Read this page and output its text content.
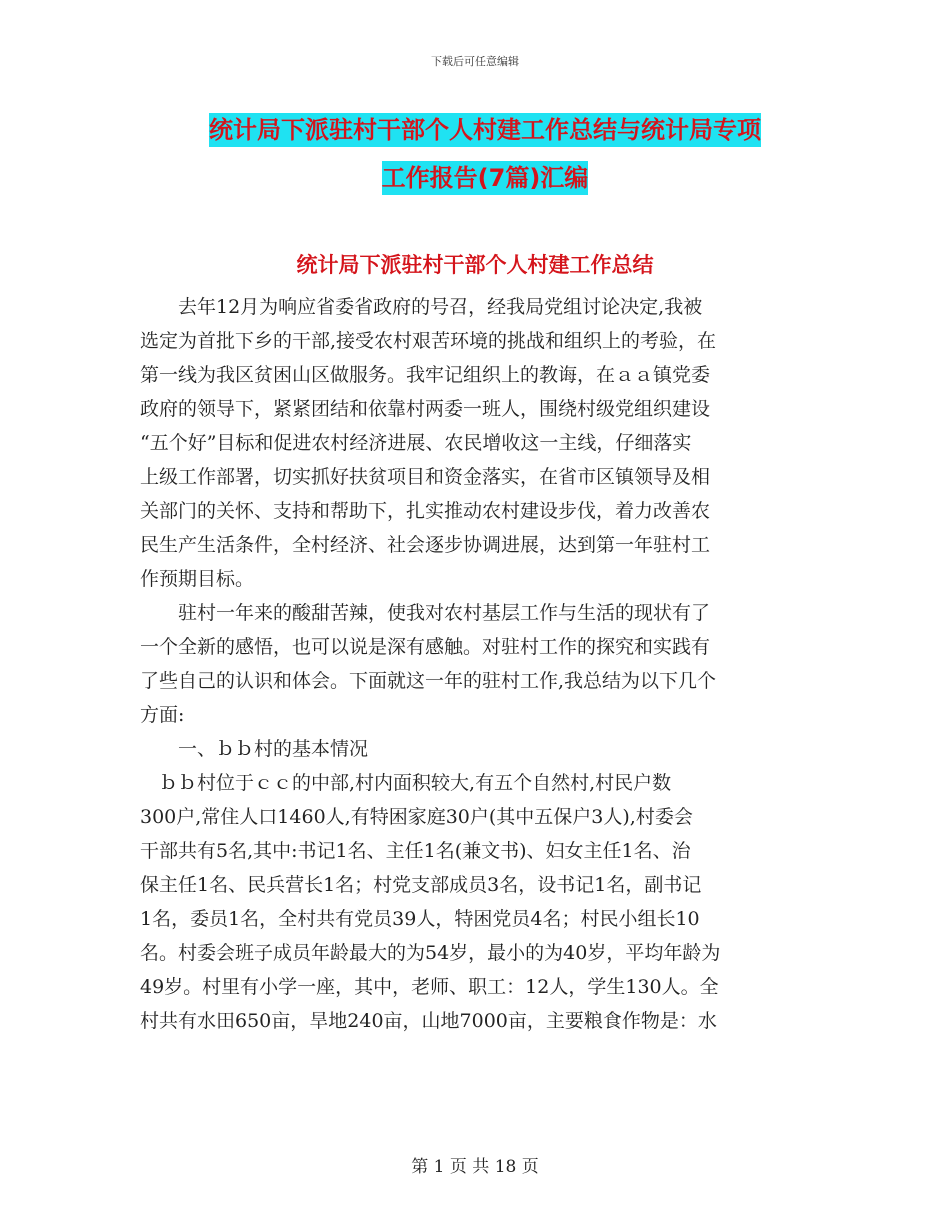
下载后可任意编辑
统计局下派驻村干部个人村建工作总结与统计局专项
工作报告(7篇)汇编
统计局下派驻村干部个人村建工作总结
　　去年12月为响应省委省政府的号召，经我局党组讨论决定,我被
选定为首批下乡的干部,接受农村艰苦环境的挑战和组织上的考验，在
第一线为我区贫困山区做服务。我牢记组织上的教诲，在ａａ镇党委
政府的领导下，紧紧团结和依靠村两委一班人，围绕村级党组织建设
“五个好”目标和促进农村经济进展、农民增收这一主线，仔细落实
上级工作部署，切实抓好扶贫项目和资金落实，在省市区镇领导及相
关部门的关怀、支持和帮助下，扎实推动农村建设步伐，着力改善农
民生产生活条件，全村经济、社会逐步协调进展，达到第一年驻村工
作预期目标。
　　驻村一年来的酸甜苦辣，使我对农村基层工作与生活的现状有了
一个全新的感悟，也可以说是深有感触。对驻村工作的探究和实践有
了些自己的认识和体会。下面就这一年的驻村工作,我总结为以下几个
方面:
　　一、ｂｂ村的基本情况
　ｂｂ村位于ｃｃ的中部,村内面积较大,有五个自然村,村民户数
300户,常住人口1460人,有特困家庭30户(其中五保户3人),村委会
干部共有5名,其中:书记1名、主任1名(兼文书)、妇女主任1名、治
保主任1名、民兵营长1名；村党支部成员3名，设书记1名，副书记
1名，委员1名，全村共有党员39人，特困党员4名；村民小组长10
名。村委会班子成员年龄最大的为54岁，最小的为40岁，平均年龄为
49岁。村里有小学一座，其中，老师、职工：12人，学生130人。全
村共有水田650亩，旱地240亩，山地7000亩，主要粮食作物是：水
第 1 页 共 18 页
